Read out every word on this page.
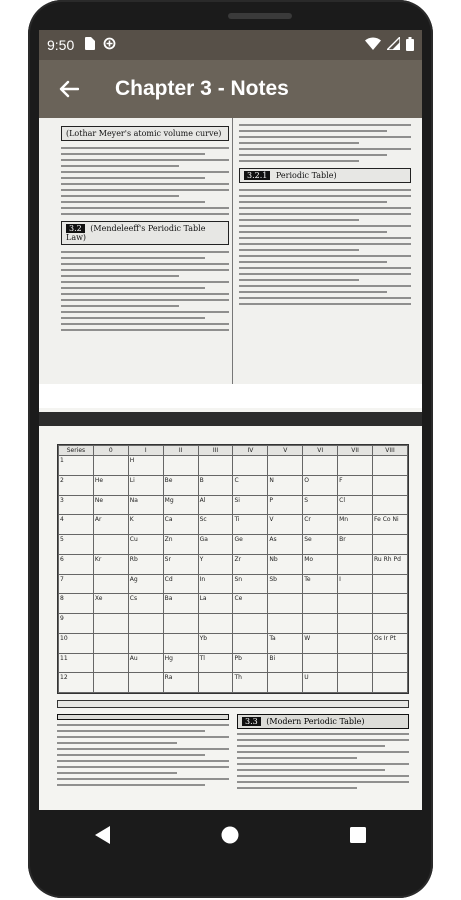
9:50
Chapter 3 - Notes
(Lothar Meyer's atomic volume curve)
3.2 (Mendeleeff's Periodic Table Law)
3.2.1 Periodic Table)
Series	0	I	II	III	IV	V	VI	VII	VIII
1		H							
2	He	Li	Be	B	C	N	O	F	
3	Ne	Na	Mg	Al	Si	P	S	Cl	
4	Ar	K	Ca	Sc	Ti	V	Cr	Mn	Fe Co Ni
5		Cu	Zn	Ga	Ge	As	Se	Br	
6	Kr	Rb	Sr	Y	Zr	Nb	Mo		Ru Rh Pd
7		Ag	Cd	In	Sn	Sb	Te	I	
8	Xe	Cs	Ba	La	Ce				
9									
10				Yb		Ta	W		Os Ir Pt
11		Au	Hg	Tl	Pb	Bi			
12			Ra		Th		U		
3.3 (Modern Periodic Table)
